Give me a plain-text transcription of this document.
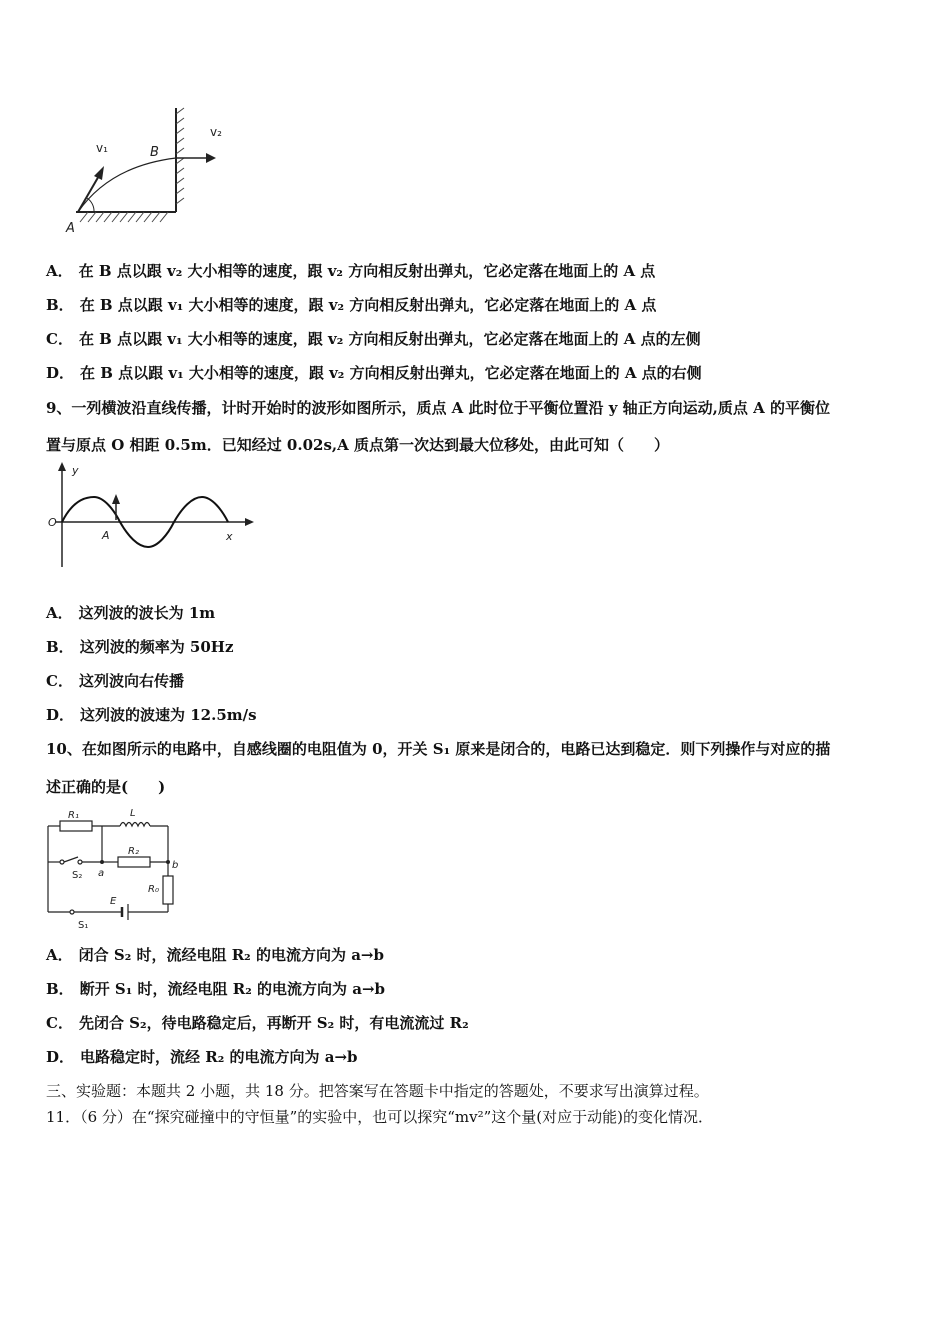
v₁
v₂
B
A
A． 在 B 点以跟 v₂ 大小相等的速度，跟 v₂ 方向相反射出弹丸，它必定落在地面上的 A 点
B． 在 B 点以跟 v₁ 大小相等的速度，跟 v₂ 方向相反射出弹丸，它必定落在地面上的 A 点
C． 在 B 点以跟 v₁ 大小相等的速度，跟 v₂ 方向相反射出弹丸，它必定落在地面上的 A 点的左侧
D． 在 B 点以跟 v₁ 大小相等的速度，跟 v₂ 方向相反射出弹丸，它必定落在地面上的 A 点的右侧
9、一列横波沿直线传播，计时开始时的波形如图所示，质点 A 此时位于平衡位置沿 y 轴正方向运动,质点 A 的平衡位
置与原点 O 相距 0.5m．已知经过 0.02s,A 质点第一次达到最大位移处，由此可知（　　）
y
O
A	x
A． 这列波的波长为 1m
B． 这列波的频率为 50Hz
C． 这列波向右传播
D． 这列波的波速为 12.5m/s
10、在如图所示的电路中，自感线圈的电阻值为 0，开关 S₁ 原来是闭合的，电路已达到稳定．则下列操作与对应的描
述正确的是(　　)
R₁	L
R₂
S₂ a
b
R₀
E
S₁
A． 闭合 S₂ 时，流经电阻 R₂ 的电流方向为 a→b
B． 断开 S₁ 时，流经电阻 R₂ 的电流方向为 a→b
C． 先闭合 S₂，待电路稳定后，再断开 S₂ 时，有电流流过 R₂
D． 电路稳定时，流经 R₂ 的电流方向为 a→b
三、实验题：本题共 2 小题，共 18 分。把答案写在答题卡中指定的答题处，不要求写出演算过程。
11．（6 分）在“探究碰撞中的守恒量”的实验中，也可以探究“mv²”这个量(对应于动能)的变化情况．
